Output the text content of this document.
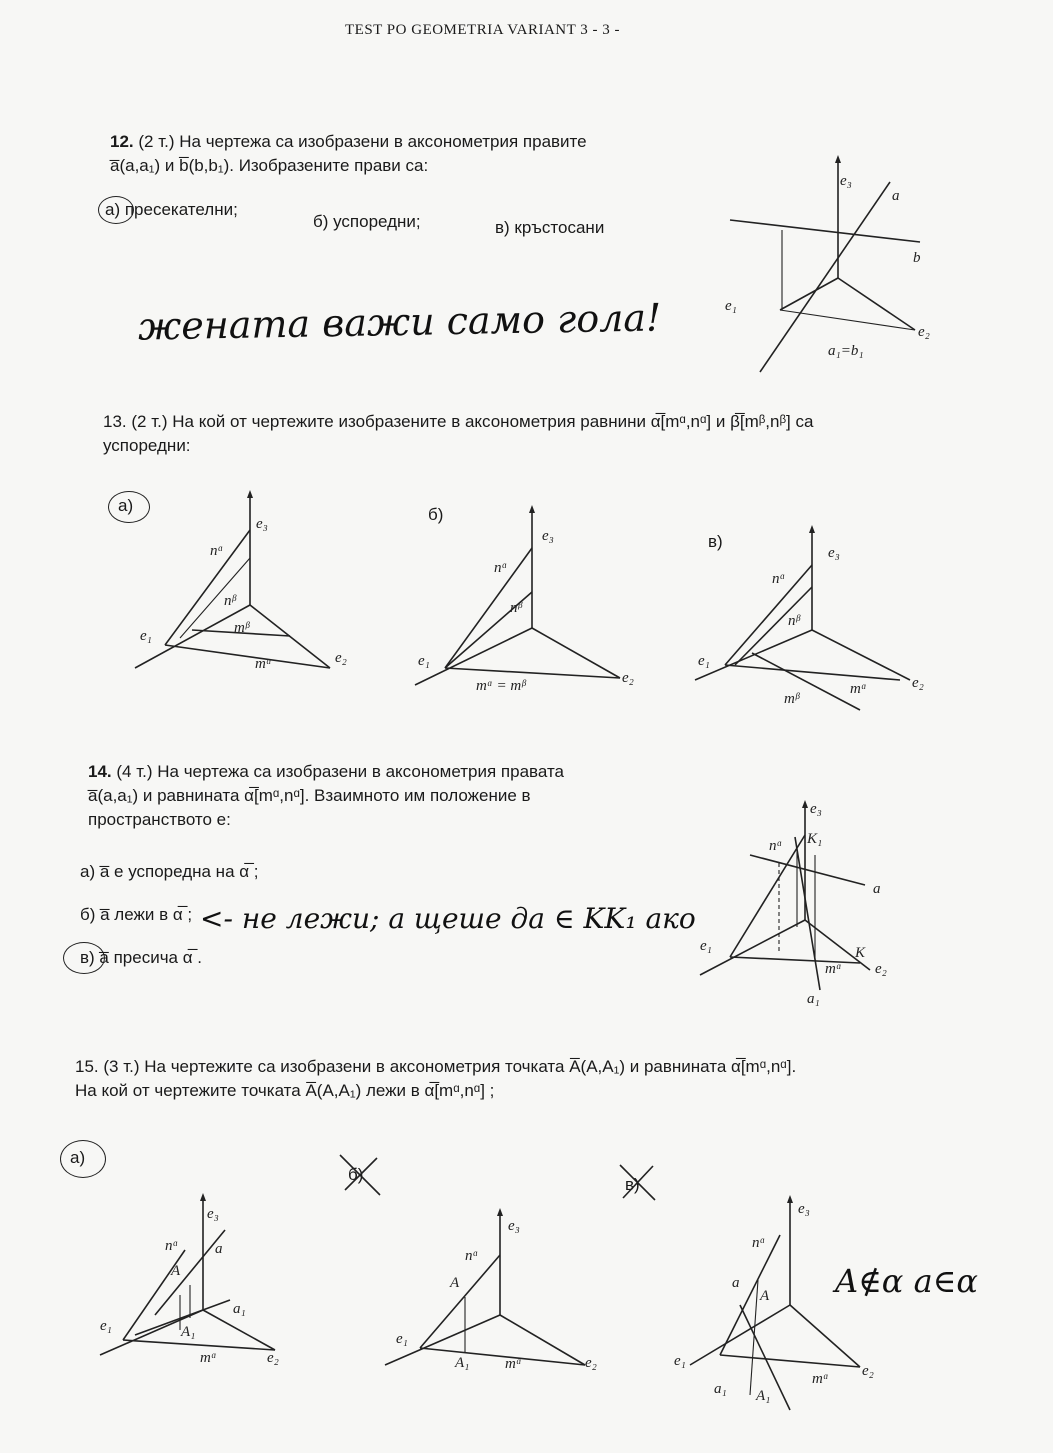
TEST PO GEOMETRIA VARIANT 3 - 3 -
12. (2 т.) На чертежа са изобразени в аксонометрия правите
a̅(a,a₁) и b̅(b,b₁). Изобразените прави са:
а) пресекателни;
б) успоредни;	в) кръстосани
жената важи само гола!
e₃
a
b
e₁
e₂
a₁=b₁
13. (2 т.) На кой от чертежите изобразените в аксонометрия равнини α̅[mᵅ,nᵅ] и β̅[mᵝ,nᵝ] са
успоредни:
а)	б)
в)
e₃
nᵅ
nᵝ
mᵝ
e₁
mᵅ	e₂
e₃
nᵅ
nᵝ
e₁
mᵅ = mᵝ	e₂
e₃
nᵅ
nᵝ
e₁
mᵝ
mᵅ	e₂
14. (4 т.) На чертежа са изобразени в аксонометрия правата
a̅(a,a₁) и равнината α̅[mᵅ,nᵅ]. Взаимното им положение в
пространството е:
а) a̅ е успоредна на α̅ ;
б) a̅ лежи в α̅ ; <- не лежи; а щеше да ∈ KK₁ ако
в) a̅ пресича α̅ .
e₃
K₁
nᵅ
a
e₁	K
mᵅ e₂
a₁
15. (3 т.) На чертежите са изобразени в аксонометрия точката A̅(A,A₁) и равнината α̅[mᵅ,nᵅ].
На кой от чертежите точката A̅(A,A₁) лежи в α̅[mᵅ,nᵅ] ;
а)
б)
в)
A∉α a∈α
e₃
nᵅ a
A
a₁
e₁	A₁
mᵅ	e₂
e₃
nᵅ
A
e₁
A₁ mᵅ	e₂
e₃
nᵅ
a
A
e₁
a₁ A₁
mᵅ e₂
